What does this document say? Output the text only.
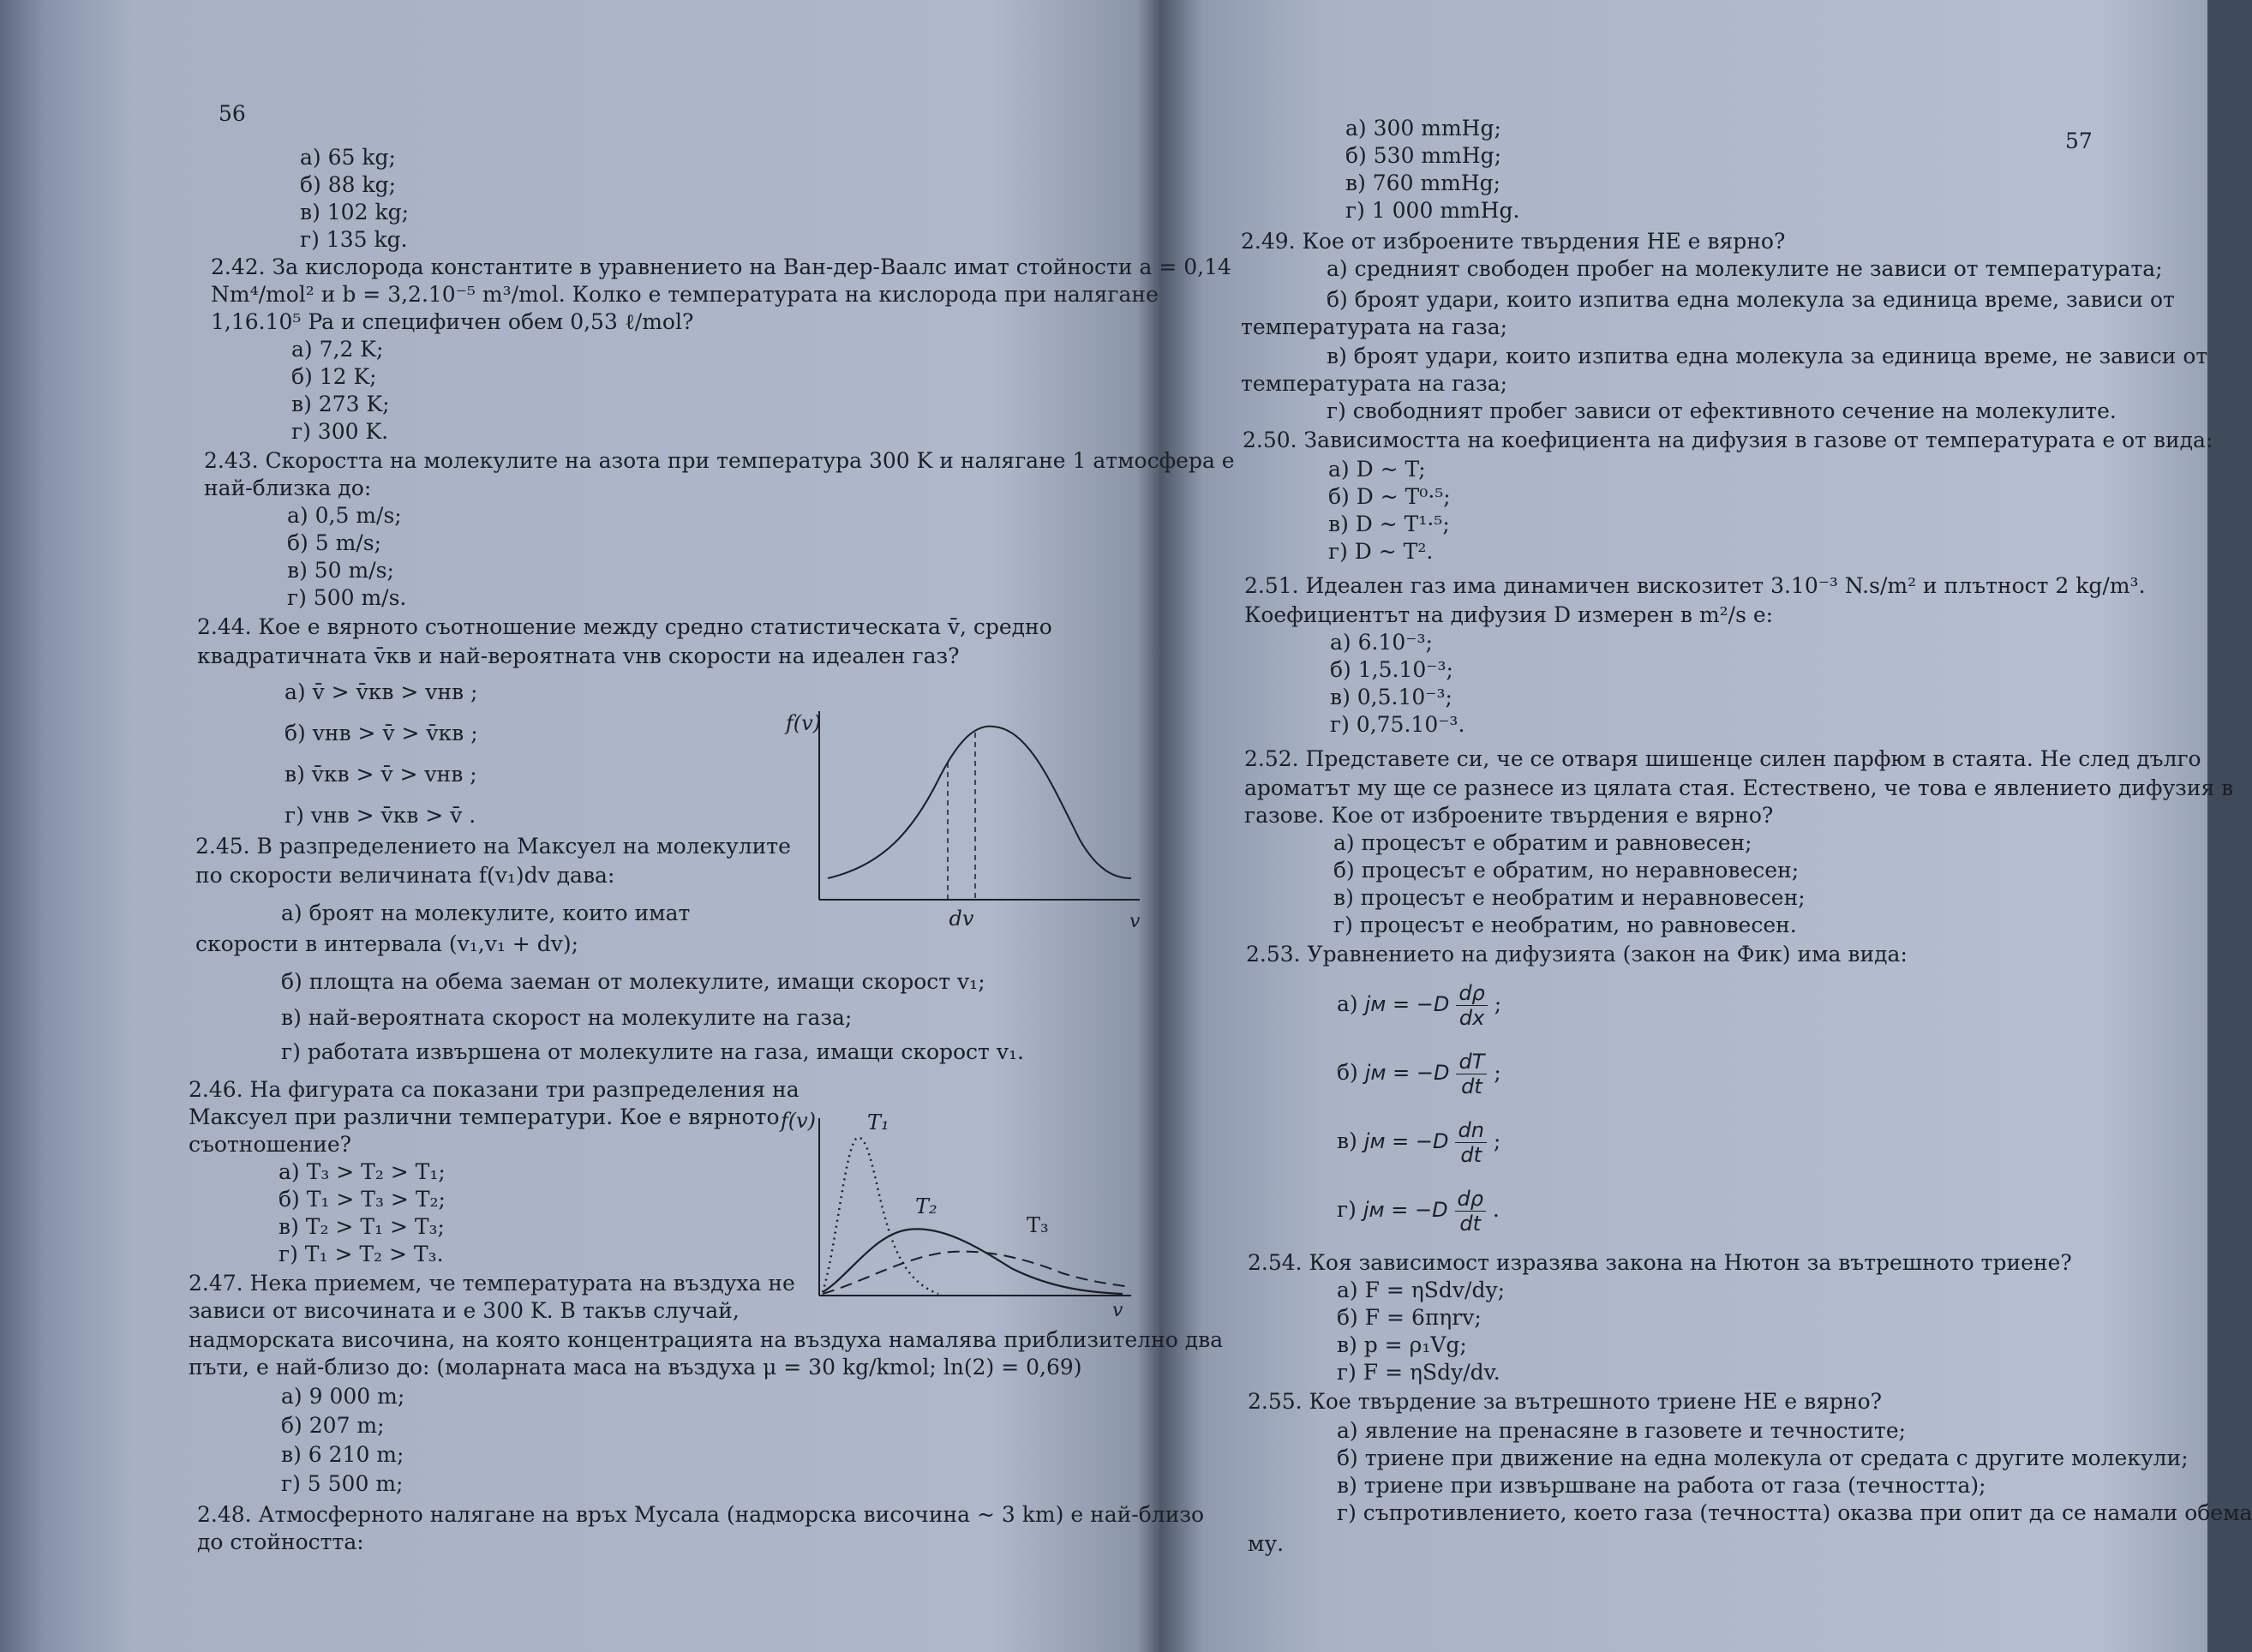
56
а) 65 kg;
б) 88 kg;
в) 102 kg;
г) 135 kg.
2.42. За кислорода константите в уравнението на Ван-дер-Ваалс имат стойности a = 0,14
Nm⁴/mol² и b = 3,2.10⁻⁵ m³/mol. Колко е температурата на кислорода при налягане
1,16.10⁵ Pa и специфичен обем 0,53 ℓ/mol?
а) 7,2 K;
б) 12 K;
в) 273 K;
г) 300 K.
2.43. Скоростта на молекулите на азота при температура 300 K и налягане 1 атмосфера е
най-близка до:
а) 0,5 m/s;
б) 5 m/s;
в) 50 m/s;
г) 500 m/s.
2.44. Кое е вярното съотношение между средно статистическата v̄, средно
квадратичната v̄кв и най-вероятната vнв скорости на идеален газ?
а) v̄ > v̄кв > vнв ;
б) vнв > v̄ > v̄кв ;
в) v̄кв > v̄ > vнв ;
г) vнв > v̄кв > v̄ .
f(v)
dv	v
2.45. В разпределението на Максуел на молекулите
по скорости величината f(v₁)dv дава:
а) броят на молекулите, които имат
скорости в интервала (v₁,v₁ + dv);
б) площта на обема заеман от молекулите, имащи скорост v₁;
в) най-вероятната скорост на молекулите на газа;
г) работата извършена от молекулите на газа, имащи скорост v₁.
2.46. На фигурата са показани три разпределения на
Максуел при различни температури. Кое е вярното
съотношение?
а) T₃ > T₂ > T₁;
б) T₁ > T₃ > T₂;
в) T₂ > T₁ > T₃;
г) T₁ > T₂ > T₃.
f(v)	T₁
T₂
T₃
v
2.47. Нека приемем, че температурата на въздуха не
зависи от височината и е 300 K. В такъв случай,
надморската височина, на която концентрацията на въздуха намалява приблизително два
пъти, е най-близо до: (моларната маса на въздуха μ = 30 kg/kmol; ln(2) = 0,69)
а) 9 000 m;
б) 207 m;
в) 6 210 m;
г) 5 500 m;
2.48. Атмосферното налягане на връх Мусала (надморска височина ~ 3 km) е най-близо
до стойността:
57
а) 300 mmHg;
б) 530 mmHg;
в) 760 mmHg;
г) 1 000 mmHg.
2.49. Кое от изброените твърдения НЕ е вярно?
а) средният свободен пробег на молекулите не зависи от температурата;
б) броят удари, които изпитва една молекула за единица време, зависи от
температурата на газа;
в) броят удари, които изпитва една молекула за единица време, не зависи от
температурата на газа;
г) свободният пробег зависи от ефективното сечение на молекулите.
2.50. Зависимостта на коефициента на дифузия в газове от температурата е от вида:
а) D ~ T;
б) D ~ T⁰·⁵;
в) D ~ T¹·⁵;
г) D ~ T².
2.51. Идеален газ има динамичен вискозитет 3.10⁻³ N.s/m² и плътност 2 kg/m³.
Коефициентът на дифузия D измерен в m²/s е:
а) 6.10⁻³;
б) 1,5.10⁻³;
в) 0,5.10⁻³;
г) 0,75.10⁻³.
2.52. Представете си, че се отваря шишенце силен парфюм в стаята. Не след дълго
ароматът му ще се разнесе из цялата стая. Естествено, че това е явлението дифузия в
газове. Кое от изброените твърдения е вярно?
а) процесът е обратим и равновесен;
б) процесът е обратим, но неравновесен;
в) процесът е необратим и неравновесен;
г) процесът е необратим, но равновесен.
2.53. Уравнението на дифузията (закон на Фик) има вида:
а) jм = $-D \frac{d\rho}{dx}$ ;
б) jм = $-D \frac{dT}{dt}$ ;
в) jм = $-D \frac{dn}{dt}$ ;
г) jм = $-D \frac{d\rho}{dt}$ .
2.54. Коя зависимост изразява закона на Нютон за вътрешното триене?
а) F = ηSdv/dy;
б) F = 6πηrv;
в) p = ρ₁Vg;
г) F = ηSdy/dv.
2.55. Кое твърдение за вътрешното триене НЕ е вярно?
а) явление на пренасяне в газовете и течностите;
б) триене при движение на една молекула от средата с другите молекули;
в) триене при извършване на работа от газа (течността);
г) съпротивлението, което газа (течността) оказва при опит да се намали обема
му.
